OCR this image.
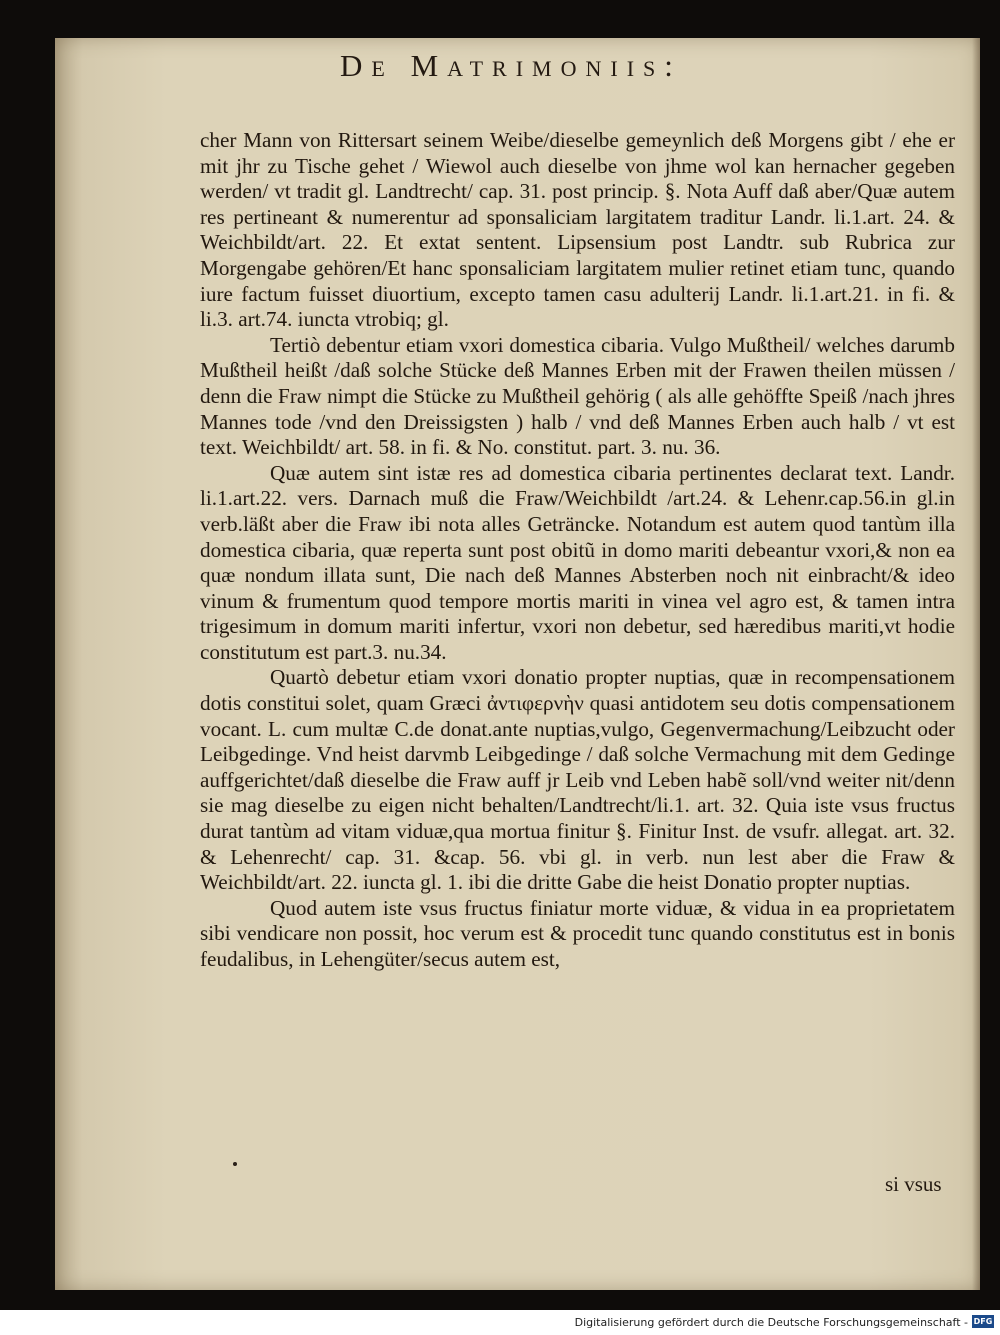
De Matrimoniis:

cher Mann von Rittersart seinem Weibe/dieselbe gemeynlich deß Morgens gibt / ehe er mit jhr zu Tische gehet / Wiewol auch dieselbe von jhme wol kan hernacher gegeben werden/ vt tradit gl. Landtrecht/ cap. 31. post princip. §. Nota Auff daß aber/Quæ autem res pertineant & numerentur ad sponsaliciam largitatem traditur Landr. li.1.art. 24. & Weichbildt/art. 22. Et extat sentent. Lipsensium post Landtr. sub Rubrica zur Morgengabe gehören/Et hanc sponsaliciam largitatem mulier retinet etiam tunc, quando iure factum fuisset diuortium, excepto tamen casu adulterij Landr. li.1.art.21. in fi. & li.3. art.74. iuncta vtrobiq; gl.

Tertiò debentur etiam vxori domestica cibaria. Vulgo Mußtheil/ welches darumb Mußtheil heißt /daß solche Stücke deß Mannes Erben mit der Frawen theilen müssen / denn die Fraw nimpt die Stücke zu Mußtheil gehörig ( als alle gehöffte Speiß /nach jhres Mannes tode /vnd den Dreissigsten ) halb / vnd deß Mannes Erben auch halb / vt est text. Weichbildt/ art. 58. in fi. & No. constitut. part. 3. nu. 36.

Quæ autem sint istæ res ad domestica cibaria pertinentes declarat text. Landr. li.1.art.22. vers. Darnach muß die Fraw/Weichbildt /art.24. & Lehenr.cap.56.in gl.in verb.läßt aber die Fraw ibi nota alles Geträncke. Notandum est autem quod tantùm illa domestica cibaria, quæ reperta sunt post obitũ in domo mariti debeantur vxori,& non ea quæ nondum illata sunt, Die nach deß Mannes Absterben noch nit einbracht/& ideo vinum & frumentum quod tempore mortis mariti in vinea vel agro est, & tamen intra trigesimum in domum mariti infertur, vxori non debetur, sed hæredibus mariti,vt hodie constitutum est part.3. nu.34.

Quartò debetur etiam vxori donatio propter nuptias, quæ in recompensationem dotis constitui solet, quam Græci ἀντιφερνὴν quasi antidotem seu dotis compensationem vocant. L. cum multæ C.de donat.ante nuptias,vulgo, Gegenvermachung/Leibzucht oder Leibgedinge. Vnd heist darvmb Leibgedinge / daß solche Vermachung mit dem Gedinge auffgerichtet/daß dieselbe die Fraw auff jr Leib vnd Leben habẽ soll/vnd weiter nit/denn sie mag dieselbe zu eigen nicht behalten/Landtrecht/li.1. art. 32. Quia iste vsus fructus durat tantùm ad vitam viduæ,qua mortua finitur §. Finitur Inst. de vsufr. allegat. art. 32. & Lehenrecht/ cap. 31. &cap. 56. vbi gl. in verb. nun lest aber die Fraw & Weichbildt/art. 22. iuncta gl. 1. ibi die dritte Gabe die heist Donatio propter nuptias.

Quod autem iste vsus fructus finiatur morte viduæ, & vidua in ea proprietatem sibi vendicare non possit, hoc verum est & procedit tunc quando constitutus est in bonis feudalibus, in Lehengüter/secus autem est,

si vsus
Digitalisierung gefördert durch die Deutsche Forschungsgemeinschaft - DFG
